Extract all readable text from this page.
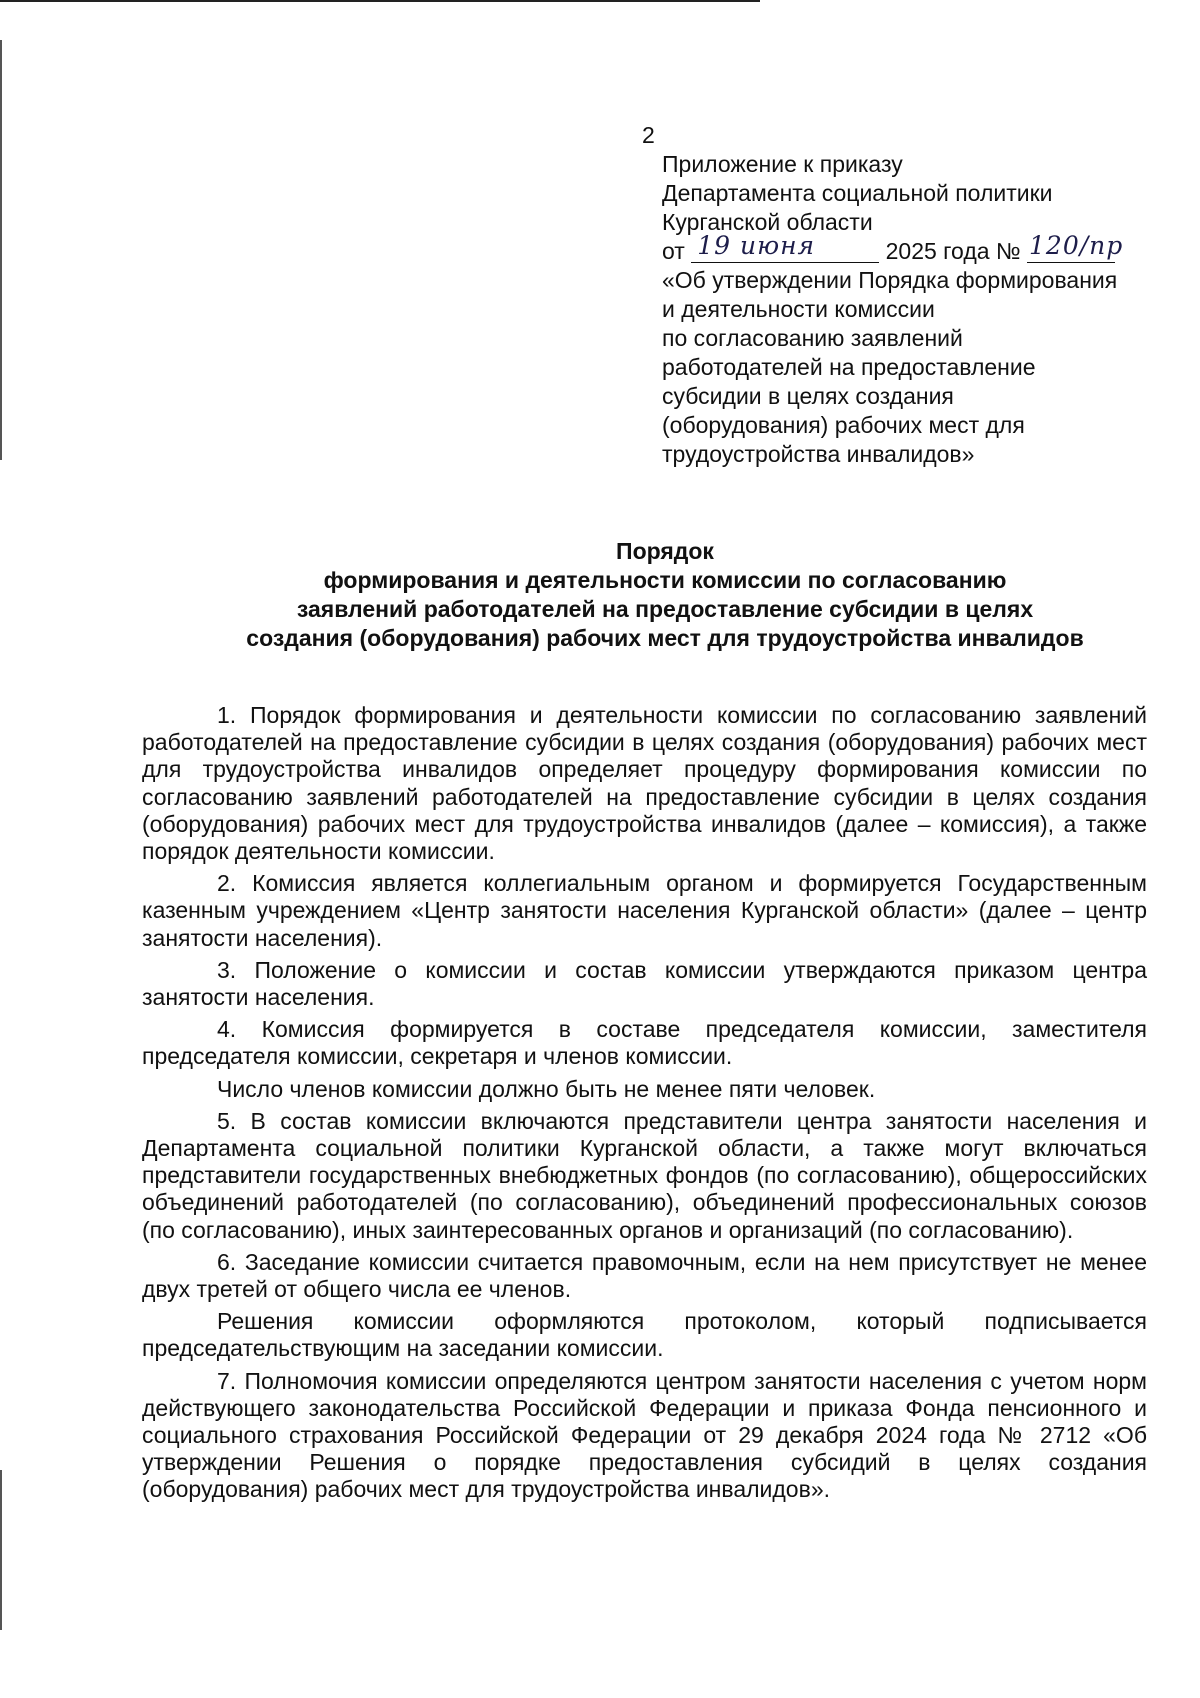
2
Приложение к приказу
Департамента социальной политики
Курганской области
от 19 июня	2025 года № 120/пр
«Об утверждении Порядка формирования
и деятельности комиссии
по согласованию заявлений
работодателей на предоставление
субсидии в целях создания
(оборудования) рабочих мест для
трудоустройства инвалидов»
Порядок
формирования и деятельности комиссии по согласованию
заявлений работодателей на предоставление субсидии в целях
создания (оборудования) рабочих мест для трудоустройства инвалидов

1. Порядок формирования и деятельности комиссии по согласованию заявлений работодателей на предоставление субсидии в целях создания (оборудования) рабочих мест для трудоустройства инвалидов определяет процедуру формирования комиссии по согласованию заявлений работодателей на предоставление субсидии в целях создания (оборудования) рабочих мест для трудоустройства инвалидов (далее – комиссия), а также порядок деятельности комиссии.

2. Комиссия является коллегиальным органом и формируется Государственным казенным учреждением «Центр занятости населения Курганской области» (далее – центр занятости населения).

3. Положение о комиссии и состав комиссии утверждаются приказом центра занятости населения.

4. Комиссия формируется в составе председателя комиссии, заместителя председателя комиссии, секретаря и членов комиссии.

Число членов комиссии должно быть не менее пяти человек.

5. В состав комиссии включаются представители центра занятости населения и Департамента социальной политики Курганской области, а также могут включаться представители государственных внебюджетных фондов (по согласованию), общероссийских объединений работодателей (по согласованию), объединений профессиональных союзов (по согласованию), иных заинтересованных органов и организаций (по согласованию).

6. Заседание комиссии считается правомочным, если на нем присутствует не менее двух третей от общего числа ее членов.

Решения комиссии оформляются протоколом, который подписывается председательствующим на заседании комиссии.

7. Полномочия комиссии определяются центром занятости населения с учетом норм действующего законодательства Российской Федерации и приказа Фонда пенсионного и социального страхования Российской Федерации от 29 декабря 2024 года № 2712 «Об утверждении Решения о порядке предоставления субсидий в целях создания (оборудования) рабочих мест для трудоустройства инвалидов».
